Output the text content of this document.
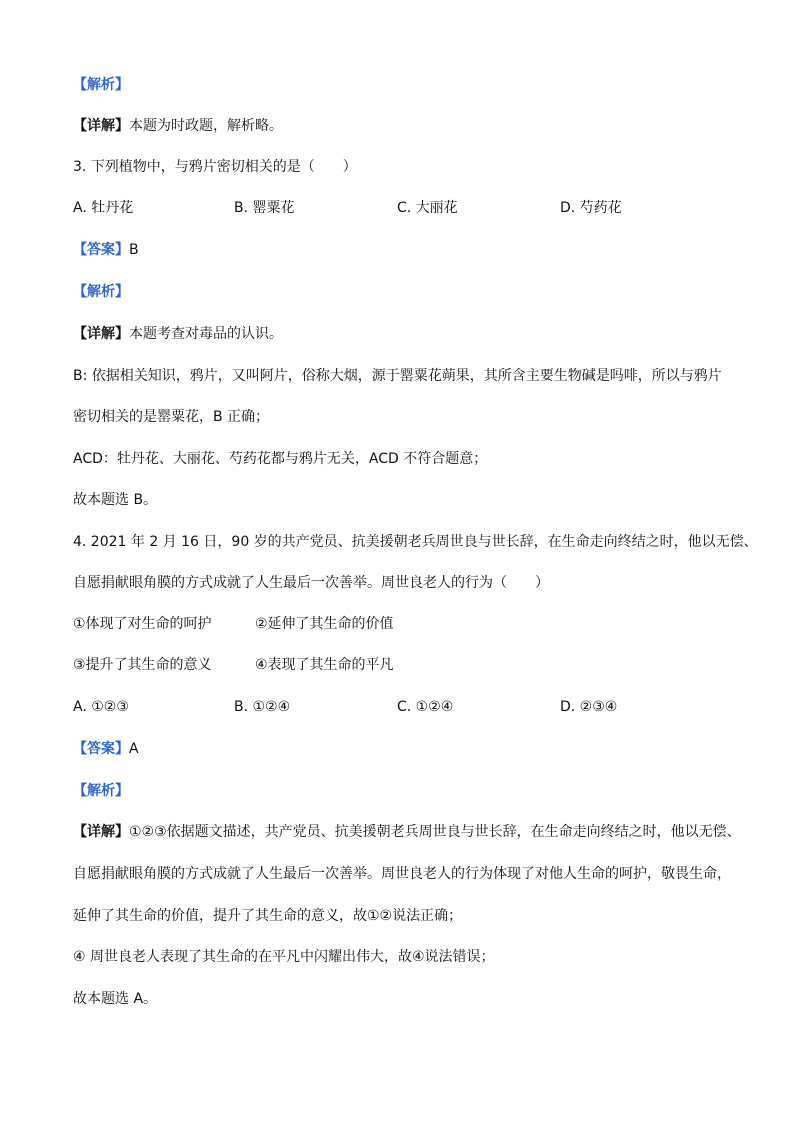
【解析】
【详解】本题为时政题，解析略。
3. 下列植物中，与鸦片密切相关的是（　　）
A. 牡丹花	B. 罂粟花	C. 大丽花	D. 芍药花
【答案】B
【解析】
【详解】本题考查对毒品的认识。
B: 依据相关知识，鸦片，又叫阿片，俗称大烟，源于罂粟花蒴果，其所含主要生物碱是吗啡，所以与鸦片
密切相关的是罂粟花，B 正确；
ACD：牡丹花、大丽花、芍药花都与鸦片无关，ACD 不符合题意；
故本题选 B。
4. 2021 年 2 月 16 日，90 岁的共产党员、抗美援朝老兵周世良与世长辞，在生命走向终结之时，他以无偿、
自愿捐献眼角膜的方式成就了人生最后一次善举。周世良老人的行为（　　）
①体现了对生命的呵护	②延伸了其生命的价值
③提升了其生命的意义	④表现了其生命的平凡
A. ①②③	B. ①②④	C. ①②④	D. ②③④
【答案】A
【解析】
【详解】①②③依据题文描述，共产党员、抗美援朝老兵周世良与世长辞，在生命走向终结之时，他以无偿、
自愿捐献眼角膜的方式成就了人生最后一次善举。周世良老人的行为体现了对他人生命的呵护，敬畏生命，
延伸了其生命的价值，提升了其生命的意义，故①②说法正确；
④ 周世良老人表现了其生命的在平凡中闪耀出伟大，故④说法错误；
故本题选 A。
